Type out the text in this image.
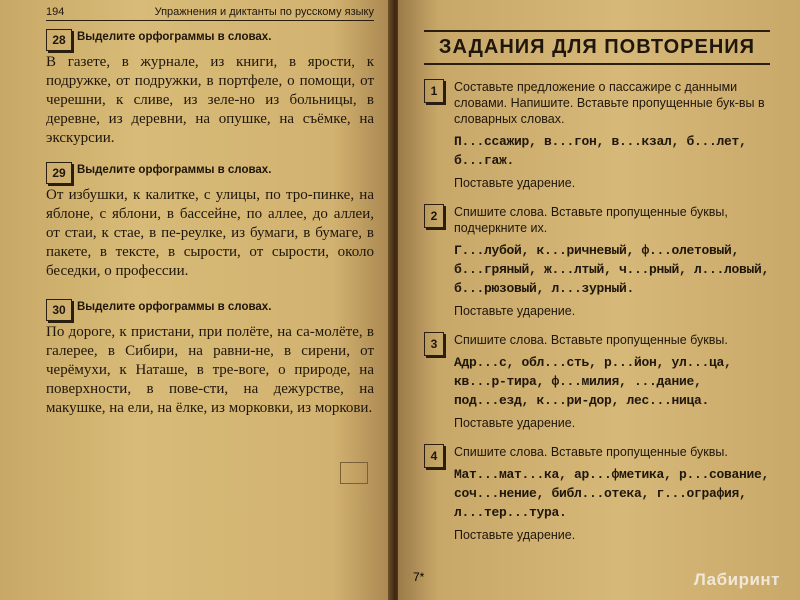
194	Упражнения и диктанты по русскому языку
28 Выделите орфограммы в словах.

В газете, в журнале, из книги, в ярости, к подружке, от подружки, в портфеле, о помощи, от черешни, к сливе, из зеле-но из больницы, в деревне, из деревни, на опушке, на съёмке, на экскурсии.

29 Выделите орфограммы в словах.

От избушки, к калитке, с улицы, по тро-пинке, на яблоне, с яблони, в бассейне, по аллее, до аллеи, от стаи, к стае, в пе-реулке, из бумаги, в бумаге, в пакете, в тексте, в сырости, от сырости, около беседки, о профессии.

30 Выделите орфограммы в словах.

По дороге, к пристани, при полёте, на са-молёте, в галерее, в Сибири, на равни-не, в сирени, от черёмухи, к Наташе, в тре-воге, о природе, на поверхности, в пове-сти, на дежурстве, на макушке, на ели, на ёлке, из морковки, из моркови.

ЗАДАНИЯ ДЛЯ ПОВТОРЕНИЯ
1	Составьте предложение о пассажире с данными словами. Напишите. Вставьте пропущенные бук-вы в словарных словах.
П...ссажир, в...гон, в...кзал, б...лет, б...гаж.
Поставьте ударение.
2	Спишите слова. Вставьте пропущенные буквы, подчеркните их.
Г...лубой, к...ричневый, ф...олетовый, б...гряный, ж...лтый, ч...рный, л...ловый, б...рюзовый, л...зурный.
Поставьте ударение.
3	Спишите слова. Вставьте пропущенные буквы.
Адр...с, обл...сть, р...йон, ул...ца, кв...р-тира, ф...милия, ...дание, под...езд, к...ри-дор, лес...ница.
Поставьте ударение.
4	Спишите слова. Вставьте пропущенные буквы.
Мат...мат...ка, ар...фметика, р...сование, соч...нение, библ...отека, г...ография, л...тер...тура.
Поставьте ударение.
7*	Лабиринт
